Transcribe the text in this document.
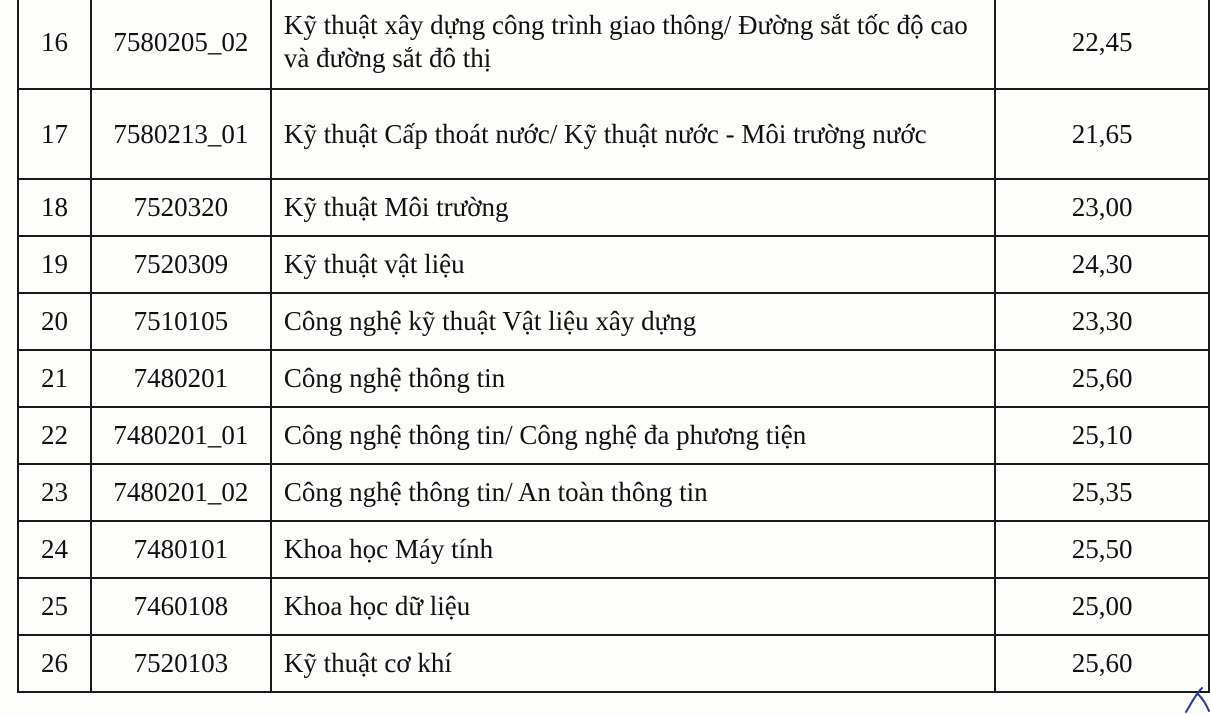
16	7580205_02	Kỹ thuật xây dựng công trình giao thông/ Đường sắt tốc độ cao và đường sắt đô thị	22,45
17	7580213_01	Kỹ thuật Cấp thoát nước/ Kỹ thuật nước - Môi trường nước	21,65
18	7520320	Kỹ thuật Môi trường	23,00
19	7520309	Kỹ thuật vật liệu	24,30
20	7510105	Công nghệ kỹ thuật Vật liệu xây dựng	23,30
21	7480201	Công nghệ thông tin	25,60
22	7480201_01	Công nghệ thông tin/ Công nghệ đa phương tiện	25,10
23	7480201_02	Công nghệ thông tin/ An toàn thông tin	25,35
24	7480101	Khoa học Máy tính	25,50
25	7460108	Khoa học dữ liệu	25,00
26	7520103	Kỹ thuật cơ khí	25,60
